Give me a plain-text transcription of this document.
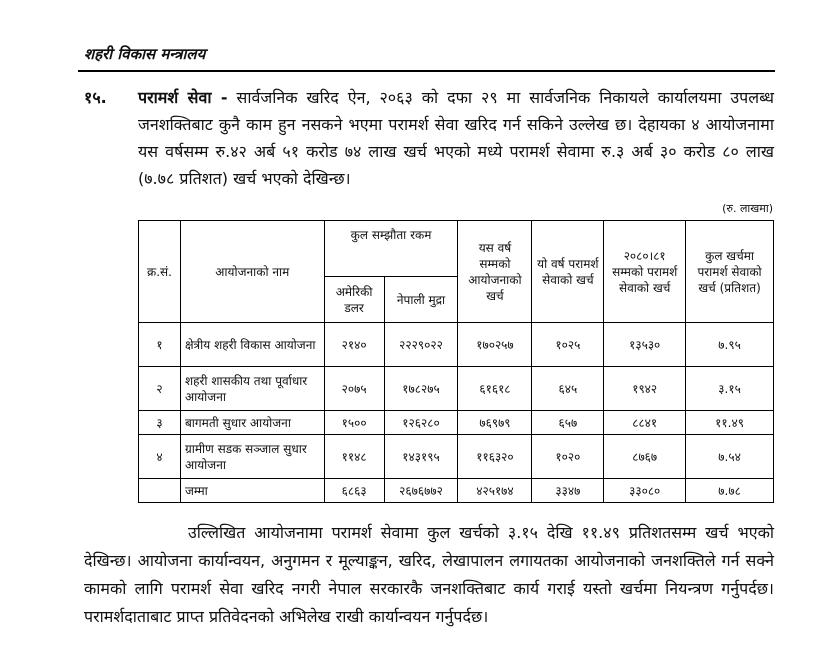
शहरी विकास मन्त्रालय
१५. परामर्श सेवा - सार्वजनिक खरिद ऐन, २०६३ को दफा २९ मा सार्वजनिक निकायले कार्यालयमा उपलब्ध जनशक्तिबाट कुनै काम हुन नसकने भएमा परामर्श सेवा खरिद गर्न सकिने उल्लेख छ। देहायका ४ आयोजनामा यस वर्षसम्म रु.४२ अर्ब ५१ करोड ७४ लाख खर्च भएको मध्ये परामर्श सेवामा रु.३ अर्ब ३० करोड ८० लाख (७.७८ प्रतिशत) खर्च भएको देखिन्छ।
(रु. लाखमा)
क्र.सं.	आयोजनाको नाम	कुल सम्झौता रकम		यस वर्ष सम्मको आयोजनाको खर्च	यो वर्ष परामर्श सेवाको खर्च	२०८०।८१ सम्मको परामर्श सेवाको खर्च	कुल खर्चमा परामर्श सेवाको खर्च (प्रतिशत)
		अमेरिकी डलर	नेपाली मुद्रा				
१	क्षेत्रीय शहरी विकास आयोजना	२१४०	२२२९०२२	१७०२५७	१०२५	१३५३०	७.९५
२	शहरी शासकीय तथा पूर्वाधार आयोजना	२०७५	१७८२७५	६१६१८	६४५	१९४२	३.१५
३	बागमती सुधार आयोजना	१५००	१२६२८०	७६९७९	६५७	८८४१	११.४९
४	ग्रामीण सडक सञ्जाल सुधार आयोजना	११४८	१४३१९५	११६३२०	१०२०	८७६७	७.५४
	जम्मा	६८६३	२६७६७७२	४२५१७४	३३४७	३३०८०	७.७८
उल्लिखित आयोजनामा परामर्श सेवामा कुल खर्चको ३.१५ देखि ११.४९ प्रतिशतसम्म खर्च भएको देखिन्छ। आयोजना कार्यान्वयन, अनुगमन र मूल्याङ्कन, खरिद, लेखापालन लगायतका आयोजनाको जनशक्तिले गर्न सक्ने कामको लागि परामर्श सेवा खरिद नगरी नेपाल सरकारकै जनशक्तिबाट कार्य गराई यस्तो खर्चमा नियन्त्रण गर्नुपर्दछ। परामर्शदाताबाट प्राप्त प्रतिवेदनको अभिलेख राखी कार्यान्वयन गर्नुपर्दछ।
